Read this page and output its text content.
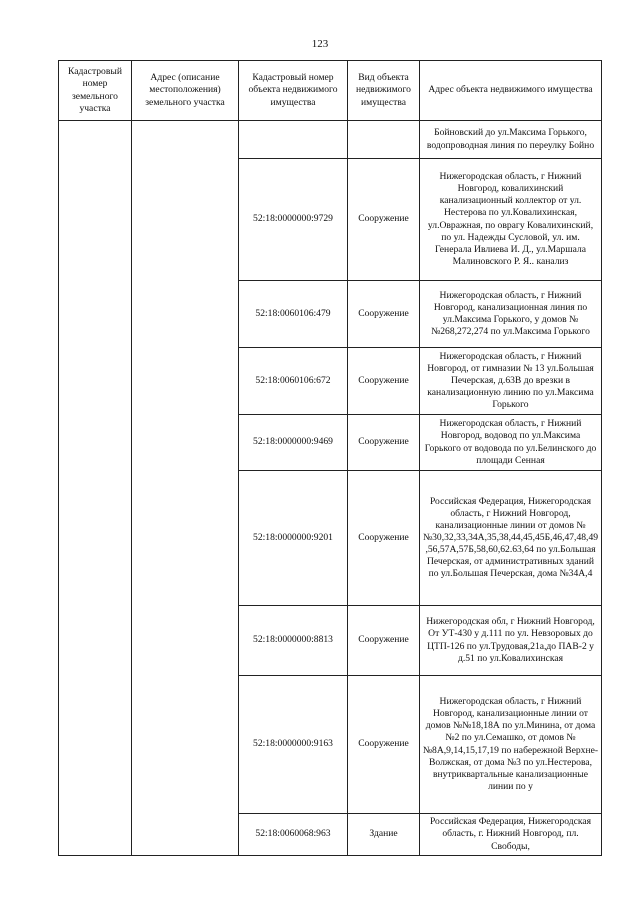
123
Кадастровый номер земельного участка	Адрес (описание местоположения) земельного участка	Кадастровый номер объекта недвижимого имущества	Вид объекта недвижимого имущества	Адрес объекта недвижимого имущества
				Бойновский до ул.Максима Горького, водопроводная линия по переулку Бойно
		52:18:0000000:9729	Сооружение	Нижегородская область, г Нижний Новгород, ковалихинский канализационный коллектор от ул. Нестерова по ул.Ковалихинская, ул.Овражная, по оврагу Ковалихинский, по ул. Надежды Сусловой, ул. им. Генерала Ивлиева И. Д., ул.Маршала Малиновского Р. Я.. канализ
		52:18:0060106:479	Сооружение	Нижегородская область, г Нижний Новгород, канализационная линия по ул.Максима Горького, у домов №№268,272,274 по ул.Максима Горького
		52:18:0060106:672	Сооружение	Нижегородская область, г Нижний Новгород, от гимназии № 13 ул.Большая Печерская, д.63В до врезки в канализационную линию по ул.Максима Горького
		52:18:0000000:9469	Сооружение	Нижегородская область, г Нижний Новгород, водовод по ул.Максима Горького от водовода по ул.Белинского до площади Сенная
		52:18:0000000:9201	Сооружение	Российская Федерация, Нижегородская область, г Нижний Новгород, канализационные линии от домов №№30,32,33,34А,35,38,44,45,45Б,46,47,48,49,56,57А,57Б,58,60,62.63,64 по ул.Большая Печерская, от административных зданий по ул.Большая Печерская, дома №34А,4
		52:18:0000000:8813	Сооружение	Нижегородская обл, г Нижний Новгород, От УТ-430 у д.111 по ул. Невзоровых до ЦТП-126 по ул.Трудовая,21а,до ПАВ-2 у д.51 по ул.Ковалихинская
		52:18:0000000:9163	Сооружение	Нижегородская область, г Нижний Новгород, канализационные линии от домов №№18,18А по ул.Минина, от дома №2 по ул.Семашко, от домов №№8А,9,14,15,17,19 по набережной Верхне-Волжская, от дома №3 по ул.Нестерова, внутриквартальные канализационные линии по у
		52:18:0060068:963	Здание	Российская Федерация, Нижегородская область, г. Нижний Новгород, пл. Свободы,
